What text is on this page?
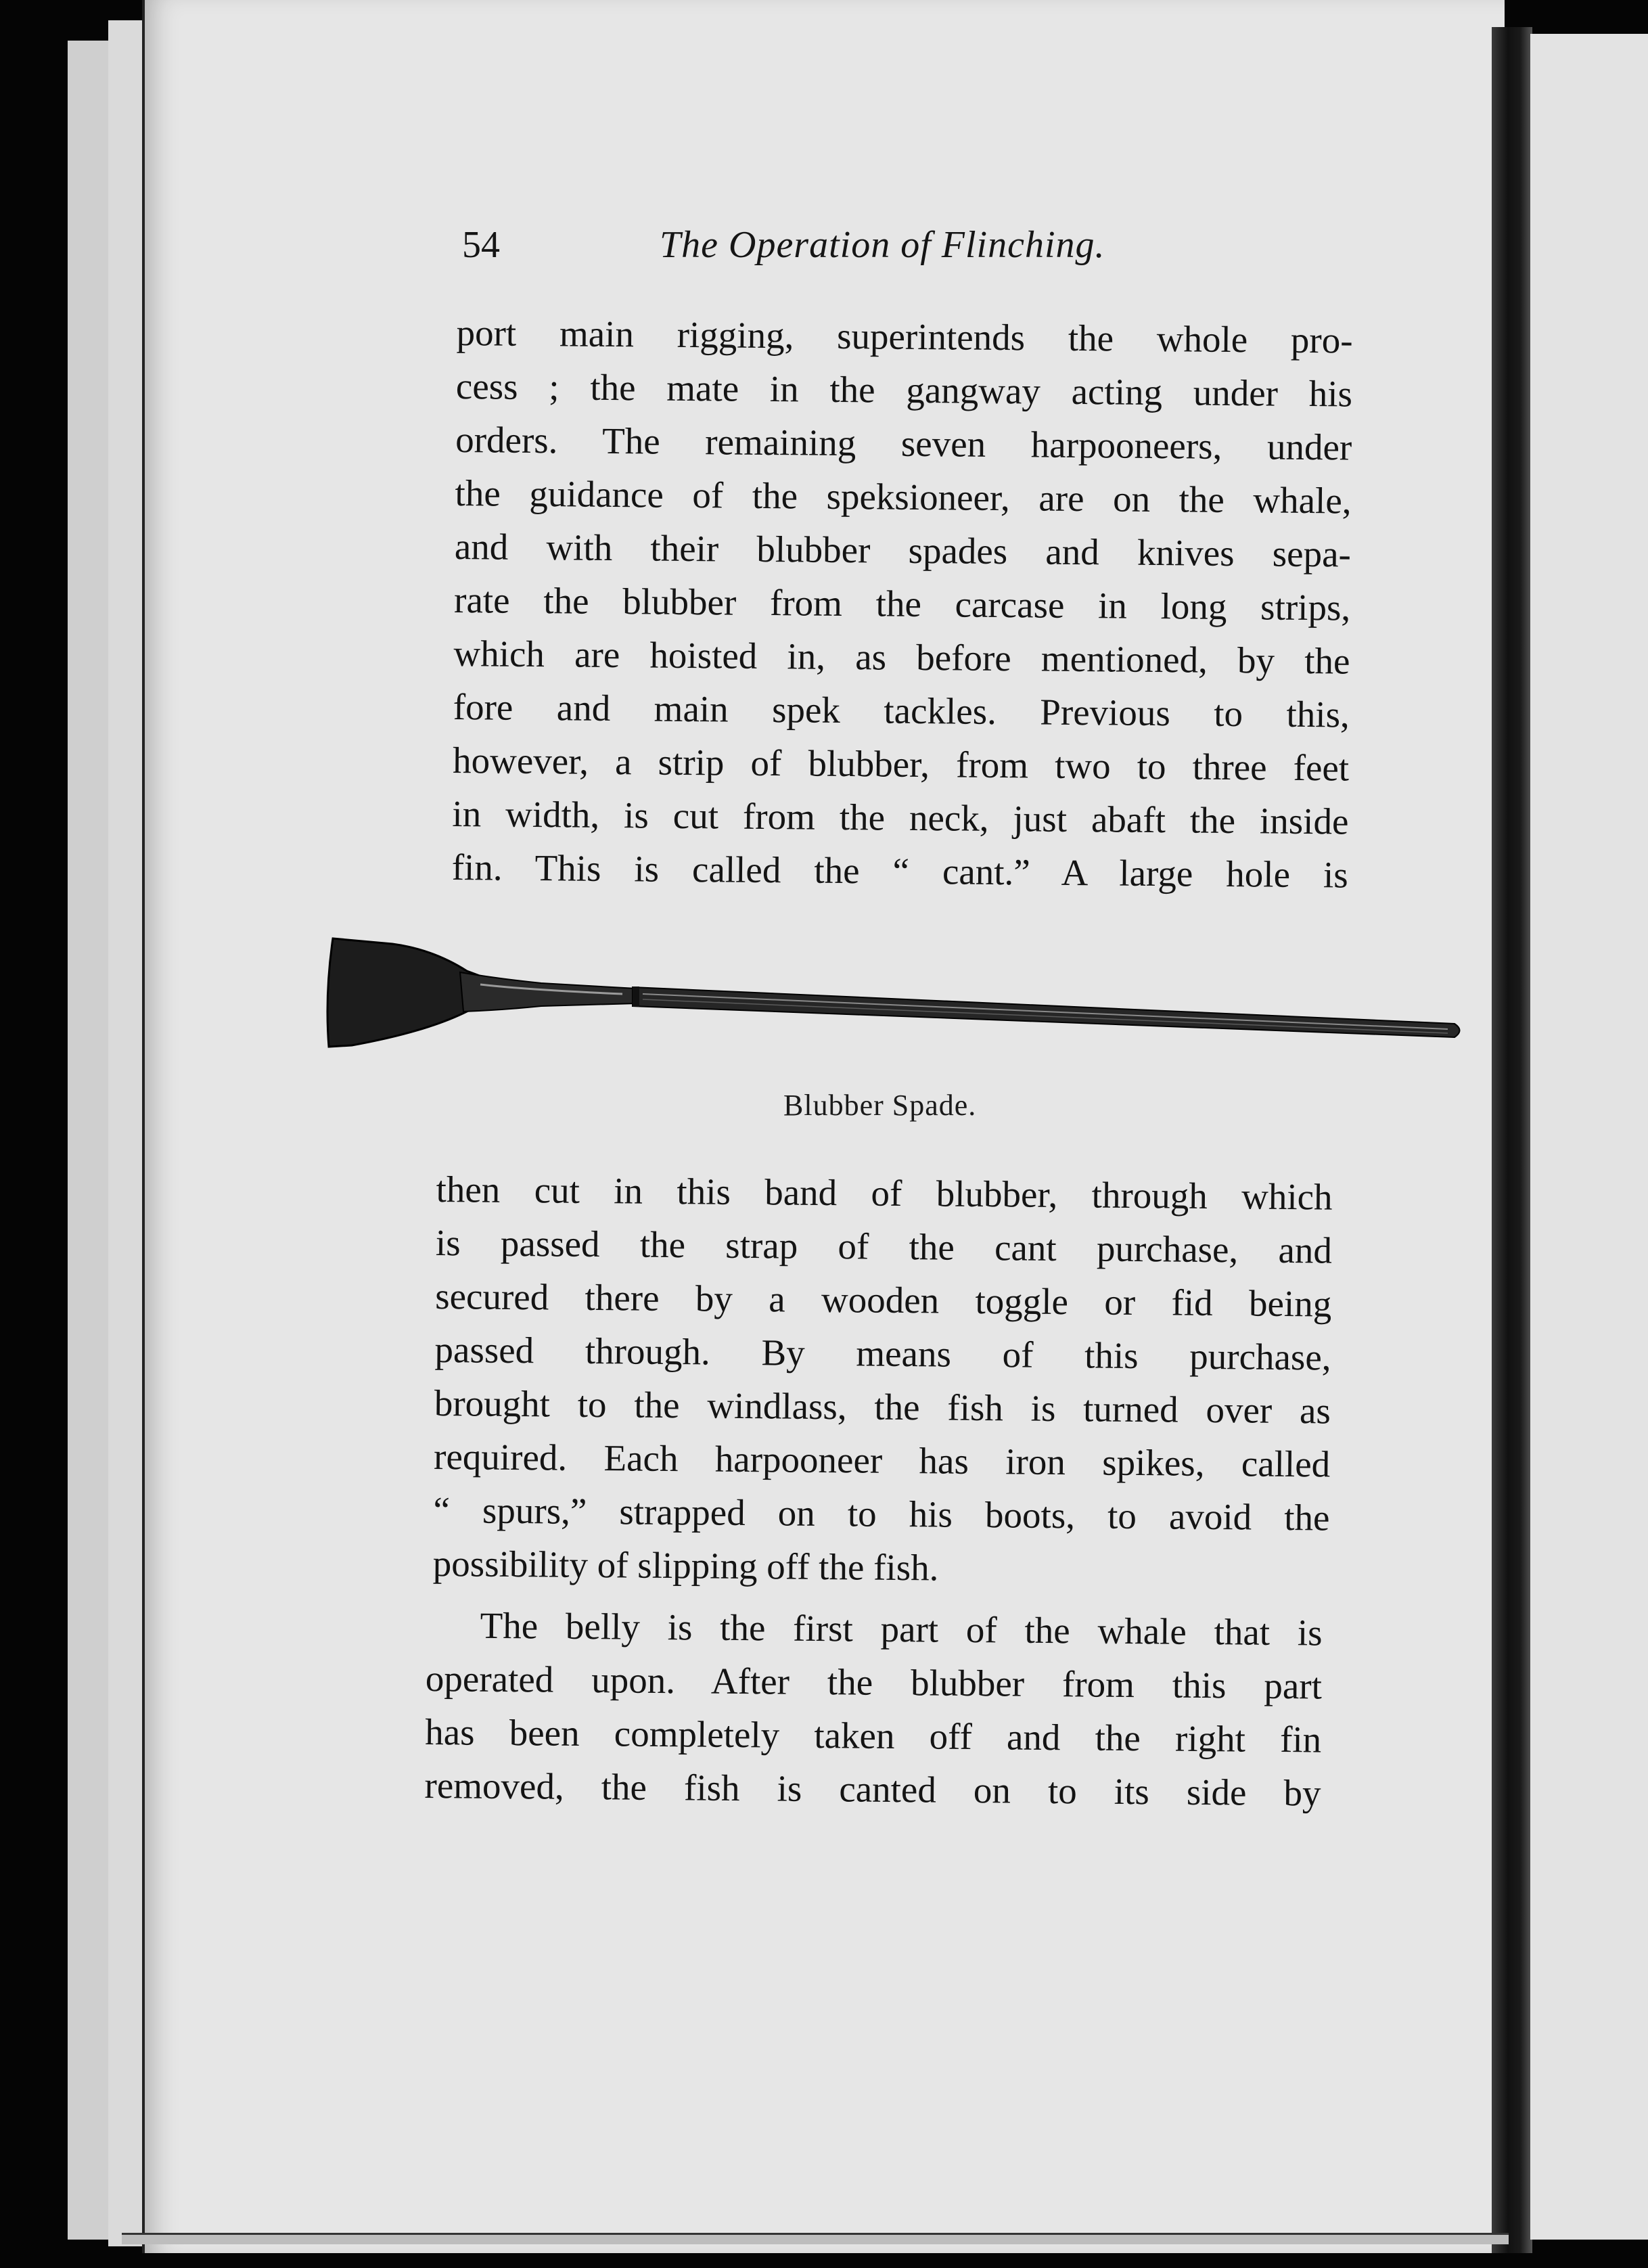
54	The Operation of Flinching.
port main rigging, superintends the whole pro-
cess ; the mate in the gangway acting under his
orders. The remaining seven harpooneers, under
the guidance of the speksioneer, are on the whale,
and with their blubber spades and knives sepa-
rate the blubber from the carcase in long strips,
which are hoisted in, as before mentioned, by the
fore and main spek tackles. Previous to this,
however, a strip of blubber, from two to three feet
in width, is cut from the neck, just abaft the inside
fin. This is called the “ cant.” A large hole is
Blubber Spade.
then cut in this band of blubber, through which
is passed the strap of the cant purchase, and
secured there by a wooden toggle or fid being
passed through. By means of this purchase,
brought to the windlass, the fish is turned over as
required. Each harpooneer has iron spikes, called
“ spurs,” strapped on to his boots, to avoid the
possibility of slipping off the fish.
The belly is the first part of the whale that is
operated upon. After the blubber from this part
has been completely taken off and the right fin
removed, the fish is canted on to its side by
